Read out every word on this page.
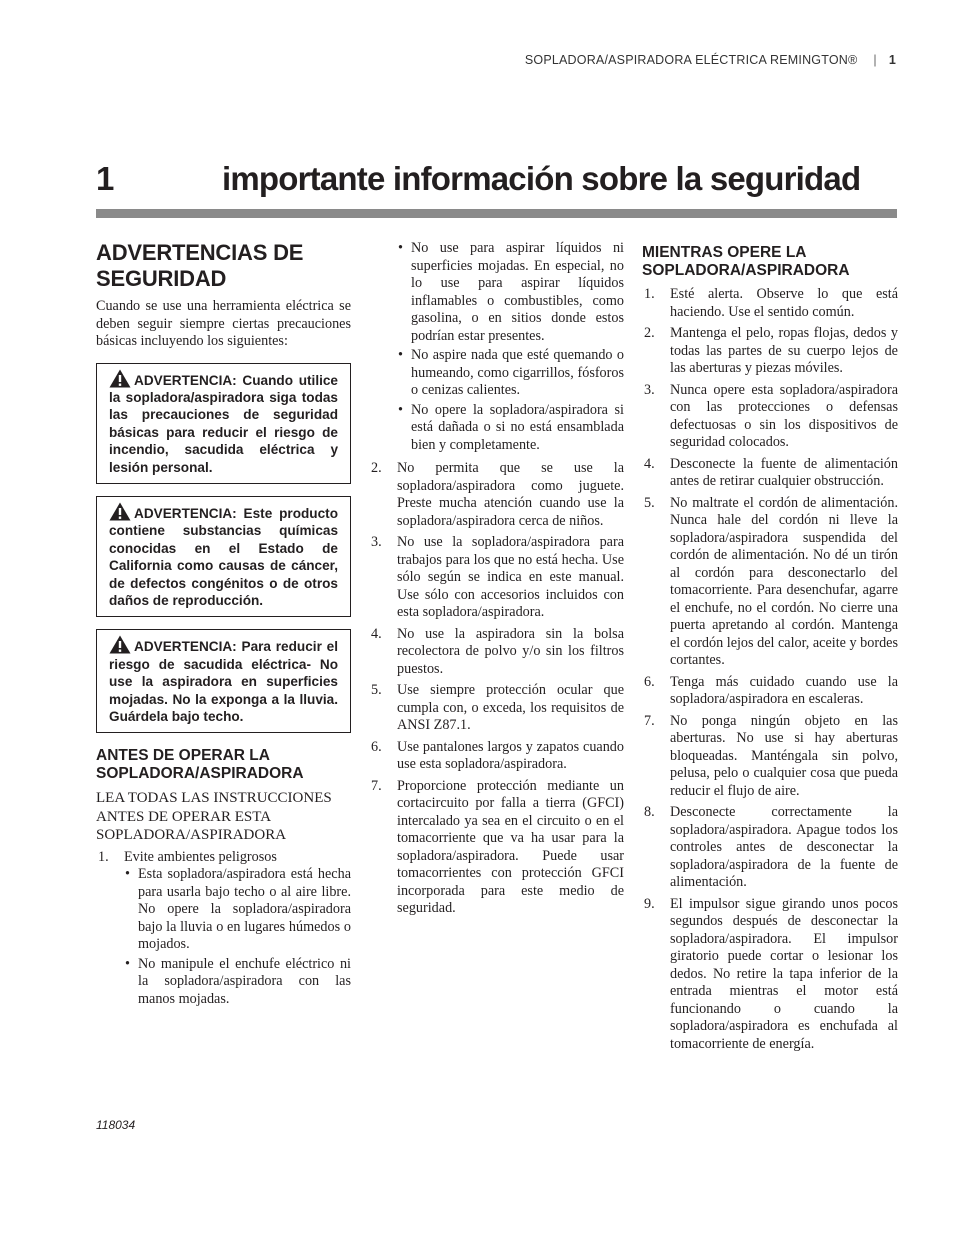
SOPLADORA/ASPIRADORA ELÉCTRICA REMINGTON® | 1
1	importante información sobre la seguridad
ADVERTENCIAS DE SEGURIDAD

Cuando se use una herramienta eléctrica se deben seguir siempre ciertas precauciones básicas incluyendo los siguientes:

ADVERTENCIA: Cuando utilice la sopladora/aspiradora siga todas las precauciones de seguridad básicas para reducir el riesgo de incendio, sacudida eléctrica y lesión personal.
ADVERTENCIA: Este producto contiene substancias químicas conocidas en el Estado de California como causas de cáncer, de defectos congénitos o de otros daños de reproducción.
ADVERTENCIA: Para reducir el riesgo de sacudida eléctrica- No use la aspiradora en superficies mojadas. No la exponga a la lluvia. Guárdela bajo techo.
ANTES DE OPERAR LA SOPLADORA/ASPIRADORA

LEA TODAS LAS INSTRUCCIONES ANTES DE OPERAR ESTA SOPLADORA/ASPIRADORA

1. Evite ambientes peligrosos
• Esta sopladora/aspiradora está hecha para usarla bajo techo o al aire libre. No opere la sopladora/aspiradora bajo la lluvia o en lugares húmedos o mojados.
• No manipule el enchufe eléctrico ni la sopladora/aspiradora con las manos mojadas.
• No use para aspirar líquidos ni superficies mojadas. En especial, no lo use para aspirar líquidos inflamables o combustibles, como gasolina, o en sitios donde estos podrían estar presentes.
• No aspire nada que esté quemando o humeando, como cigarrillos, fósforos o cenizas calientes.
• No opere la sopladora/aspiradora si está dañada o si no está ensamblada bien y completamente.
2. No permita que se use la sopladora/aspiradora como juguete. Preste mucha atención cuando use la sopladora/aspiradora cerca de niños.
3. No use la sopladora/aspiradora para trabajos para los que no está hecha. Use sólo según se indica en este manual. Use sólo con accesorios incluidos con esta sopladora/aspiradora.
4. No use la aspiradora sin la bolsa recolectora de polvo y/o sin los filtros puestos.
5. Use siempre protección ocular que cumpla con, o exceda, los requisitos de ANSI Z87.1.
6. Use pantalones largos y zapatos cuando use esta sopladora/aspiradora.
7. Proporcione protección mediante un cortacircuito por falla a tierra (GFCI) intercalado ya sea en el circuito o en el tomacorriente que va ha usar para la sopladora/aspiradora. Puede usar tomacorrientes con protección GFCI incorporada para este medio de seguridad.
MIENTRAS OPERE LA SOPLADORA/ASPIRADORA
1. Esté alerta. Observe lo que está haciendo. Use el sentido común.
2. Mantenga el pelo, ropas flojas, dedos y todas las partes de su cuerpo lejos de las aberturas y piezas móviles.
3. Nunca opere esta sopladora/aspiradora con las protecciones o defensas defectuosas o sin los dispositivos de seguridad colocados.
4. Desconecte la fuente de alimentación antes de retirar cualquier obstrucción.
5. No maltrate el cordón de alimentación. Nunca hale del cordón ni lleve la sopladora/aspiradora suspendida del cordón de alimentación. No dé un tirón al cordón para desconectarlo del tomacorriente. Para desenchufar, agarre el enchufe, no el cordón. No cierre una puerta apretando al cordón. Mantenga el cordón lejos del calor, aceite y bordes cortantes.
6. Tenga más cuidado cuando use la sopladora/aspiradora en escaleras.
7. No ponga ningún objeto en las aberturas. No use si hay aberturas bloqueadas. Manténgala sin polvo, pelusa, pelo o cualquier cosa que pueda reducir el flujo de aire.
8. Desconecte correctamente la sopladora/aspiradora. Apague todos los controles antes de desconectar la sopladora/aspiradora de la fuente de alimentación.
9. El impulsor sigue girando unos pocos segundos después de desconectar la sopladora/aspiradora. El impulsor giratorio puede cortar o lesionar los dedos. No retire la tapa inferior de la entrada mientras el motor está funcionando o cuando la sopladora/aspiradora es enchufada al tomacorriente de energía.
118034
